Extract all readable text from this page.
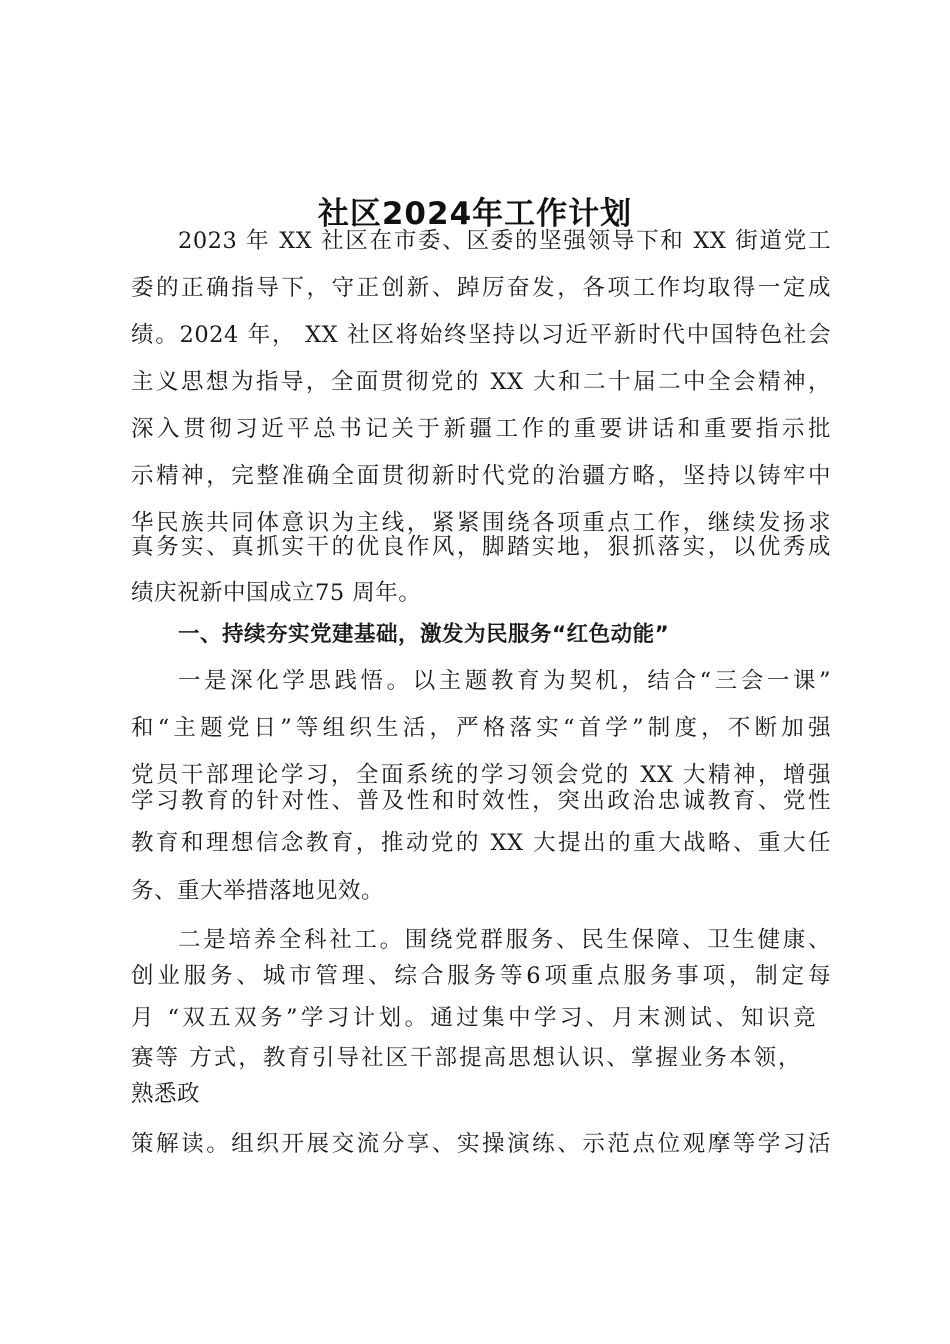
社区2024年工作计划
2023 年 XX 社区在市委、区委的坚强领导下和 XX 街道党工
委的正确指导下，守正创新、踔厉奋发，各项工作均取得一定成
绩。2024 年， XX 社区将始终坚持以习近平新时代中国特色社会
主义思想为指导，全面贯彻党的 XX 大和二十届二中全会精神，
深入贯彻习近平总书记关于新疆工作的重要讲话和重要指示批
示精神，完整准确全面贯彻新时代党的治疆方略，坚持以铸牢中
华民族共同体意识为主线，紧紧围绕各项重点工作，继续发扬求
真务实、真抓实干的优良作风，脚踏实地，狠抓落实，以优秀成
绩庆祝新中国成立75 周年。
一、持续夯实党建基础，激发为民服务“红色动能”
一是深化学思践悟。以主题教育为契机，结合“三会一课”
和“主题党日”等组织生活，严格落实“首学”制度，不断加强
党员干部理论学习，全面系统的学习领会党的 XX 大精神，增强
学习教育的针对性、普及性和时效性，突出政治忠诚教育、党性
教育和理想信念教育，推动党的 XX 大提出的重大战略、重大任
务、重大举措落地见效。
二是培养全科社工。围绕党群服务、民生保障、卫生健康、
创业服务、城市管理、综合服务等6项重点服务事项，制定每
月 “双五双务”学习计划。通过集中学习、月末测试、知识竞
赛等 方式，教育引导社区干部提高思想认识、掌握业务本领，
熟悉政
策解读。组织开展交流分享、实操演练、示范点位观摩等学习活
